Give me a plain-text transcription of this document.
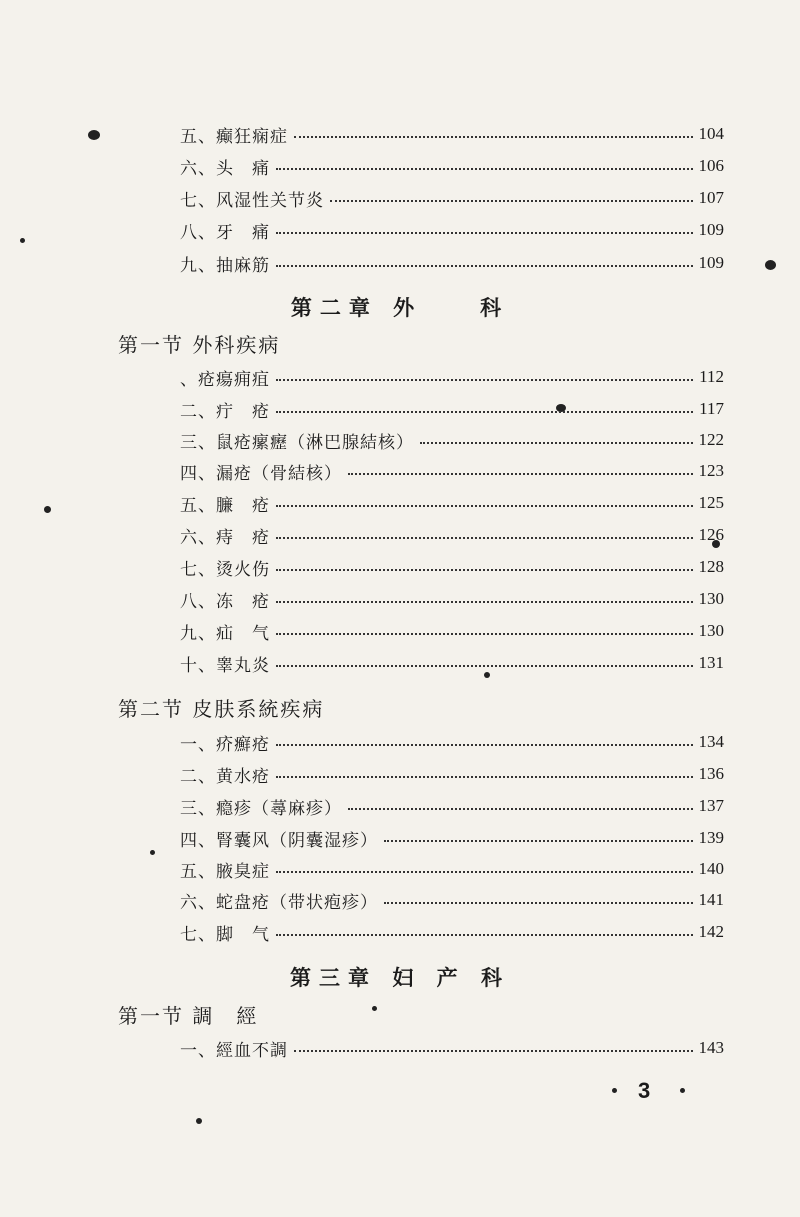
五、癫狂痫症	104
六、头　痛	106
七、风湿性关节炎	107
八、牙　痛	109
九、抽麻筋	109
第二章 外　　科
第一节 外科疾病
、疮瘍痈疽	112
二、疔　疮	117
三、鼠疮瘰癧（淋巴腺結核）	122
四、漏疮（骨結核）	123
五、臁　疮	125
六、痔　疮	126
七、烫火伤	128
八、冻　疮	130
九、疝　气	130
十、睾丸炎	131
第二节 皮肤系統疾病
一、疥癬疮	134
二、黄水疮	136
三、瘾疹（蕁麻疹）	137
四、腎囊风（阴囊湿疹）	139
五、腋臭症	140
六、蛇盘疮（带状疱疹）	141
七、脚　气	142
第三章 妇 产 科
第一节 調　經
一、經血不調	143
3
